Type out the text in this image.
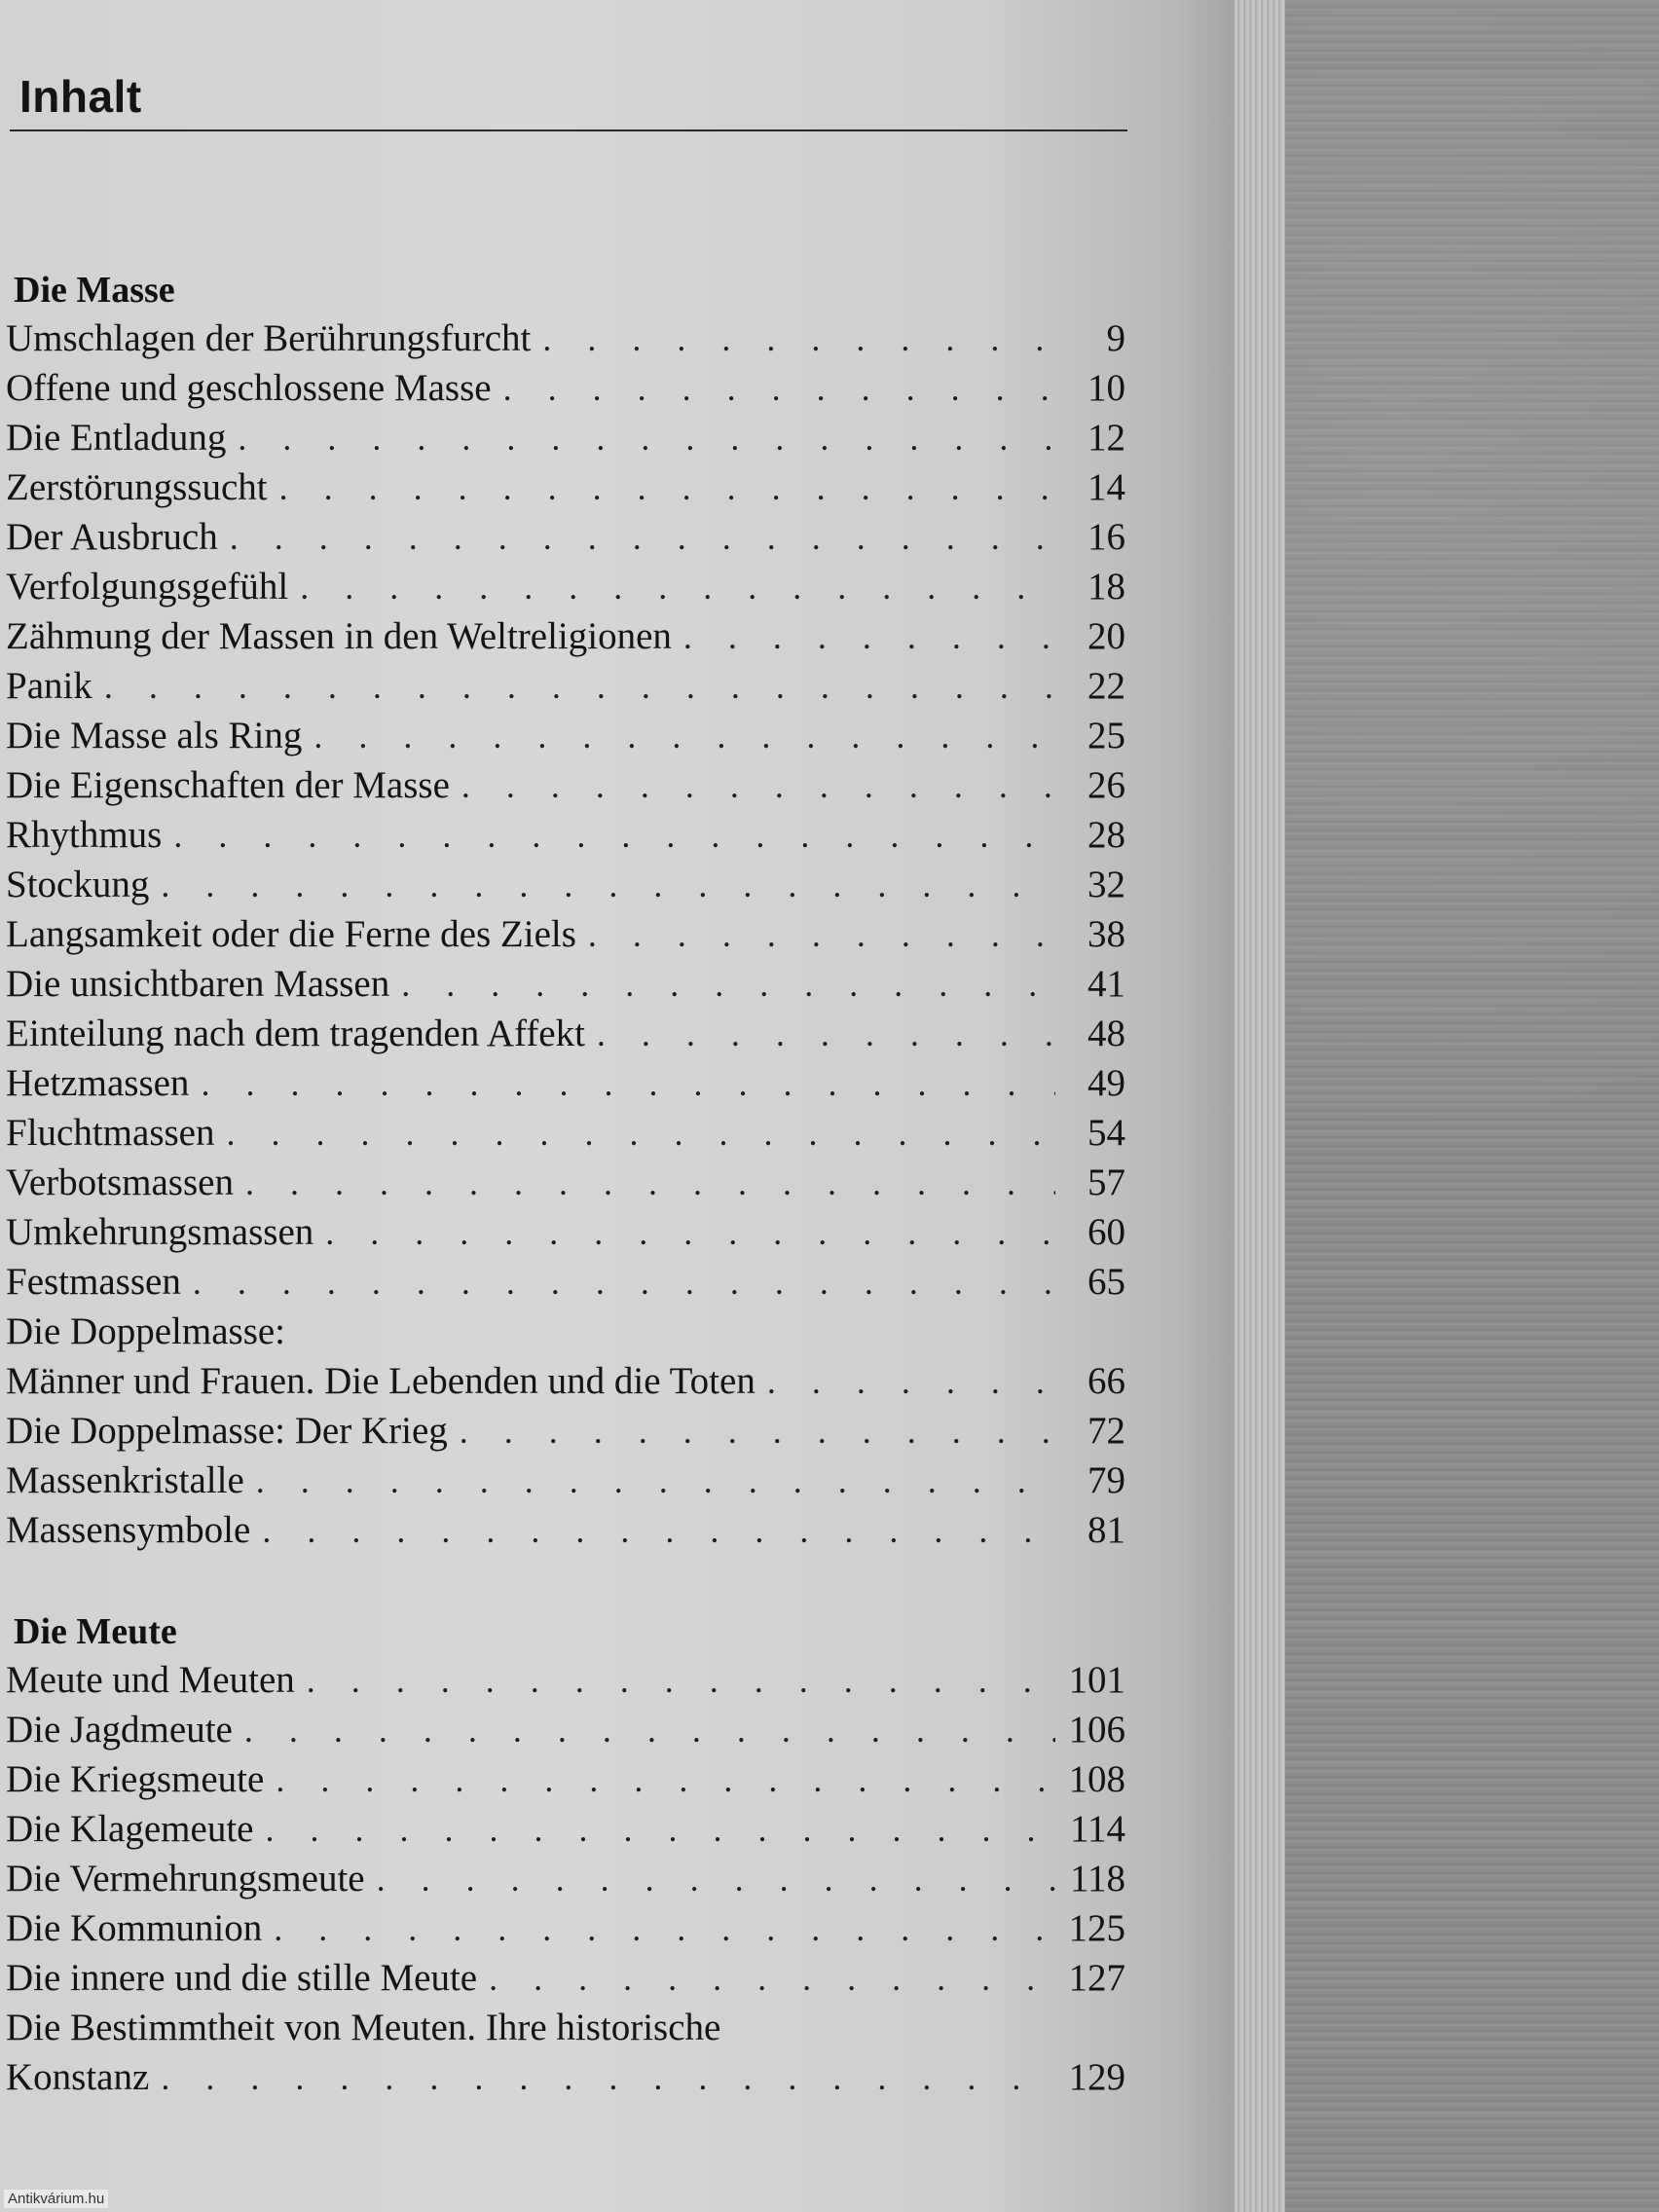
Inhalt
Die Masse
Umschlagen der Berührungsfurcht . . .	9
Offene und geschlossene Masse . . .	10
Die Entladung . . .	12
Zerstörungssucht . . .	14
Der Ausbruch . . .	16
Verfolgungsgefühl . . .	18
Zähmung der Massen in den Weltreligionen . . .	20
Panik . . .	22
Die Masse als Ring . . .	25
Die Eigenschaften der Masse . . .	26
Rhythmus . . .	28
Stockung . . .	32
Langsamkeit oder die Ferne des Ziels . . .	38
Die unsichtbaren Massen . . .	41
Einteilung nach dem tragenden Affekt . . .	48
Hetzmassen . . .	49
Fluchtmassen . . .	54
Verbotsmassen . . .	57
Umkehrungsmassen . . .	60
Festmassen . . .	65
Die Doppelmasse:
Männer und Frauen. Die Lebenden und die Toten . . .	66
Die Doppelmasse: Der Krieg . . .	72
Massenkristalle . . .	79
Massensymbole . . .	81
Die Meute
Meute und Meuten . . .	101
Die Jagdmeute . . .	106
Die Kriegsmeute . . .	108
Die Klagemeute . . .	114
Die Vermehrungsmeute . . .	118
Die Kommunion . . .	125
Die innere und die stille Meute . . .	127
Die Bestimmtheit von Meuten. Ihre historische
Konstanz . . .	129
Antikvárium.hu
